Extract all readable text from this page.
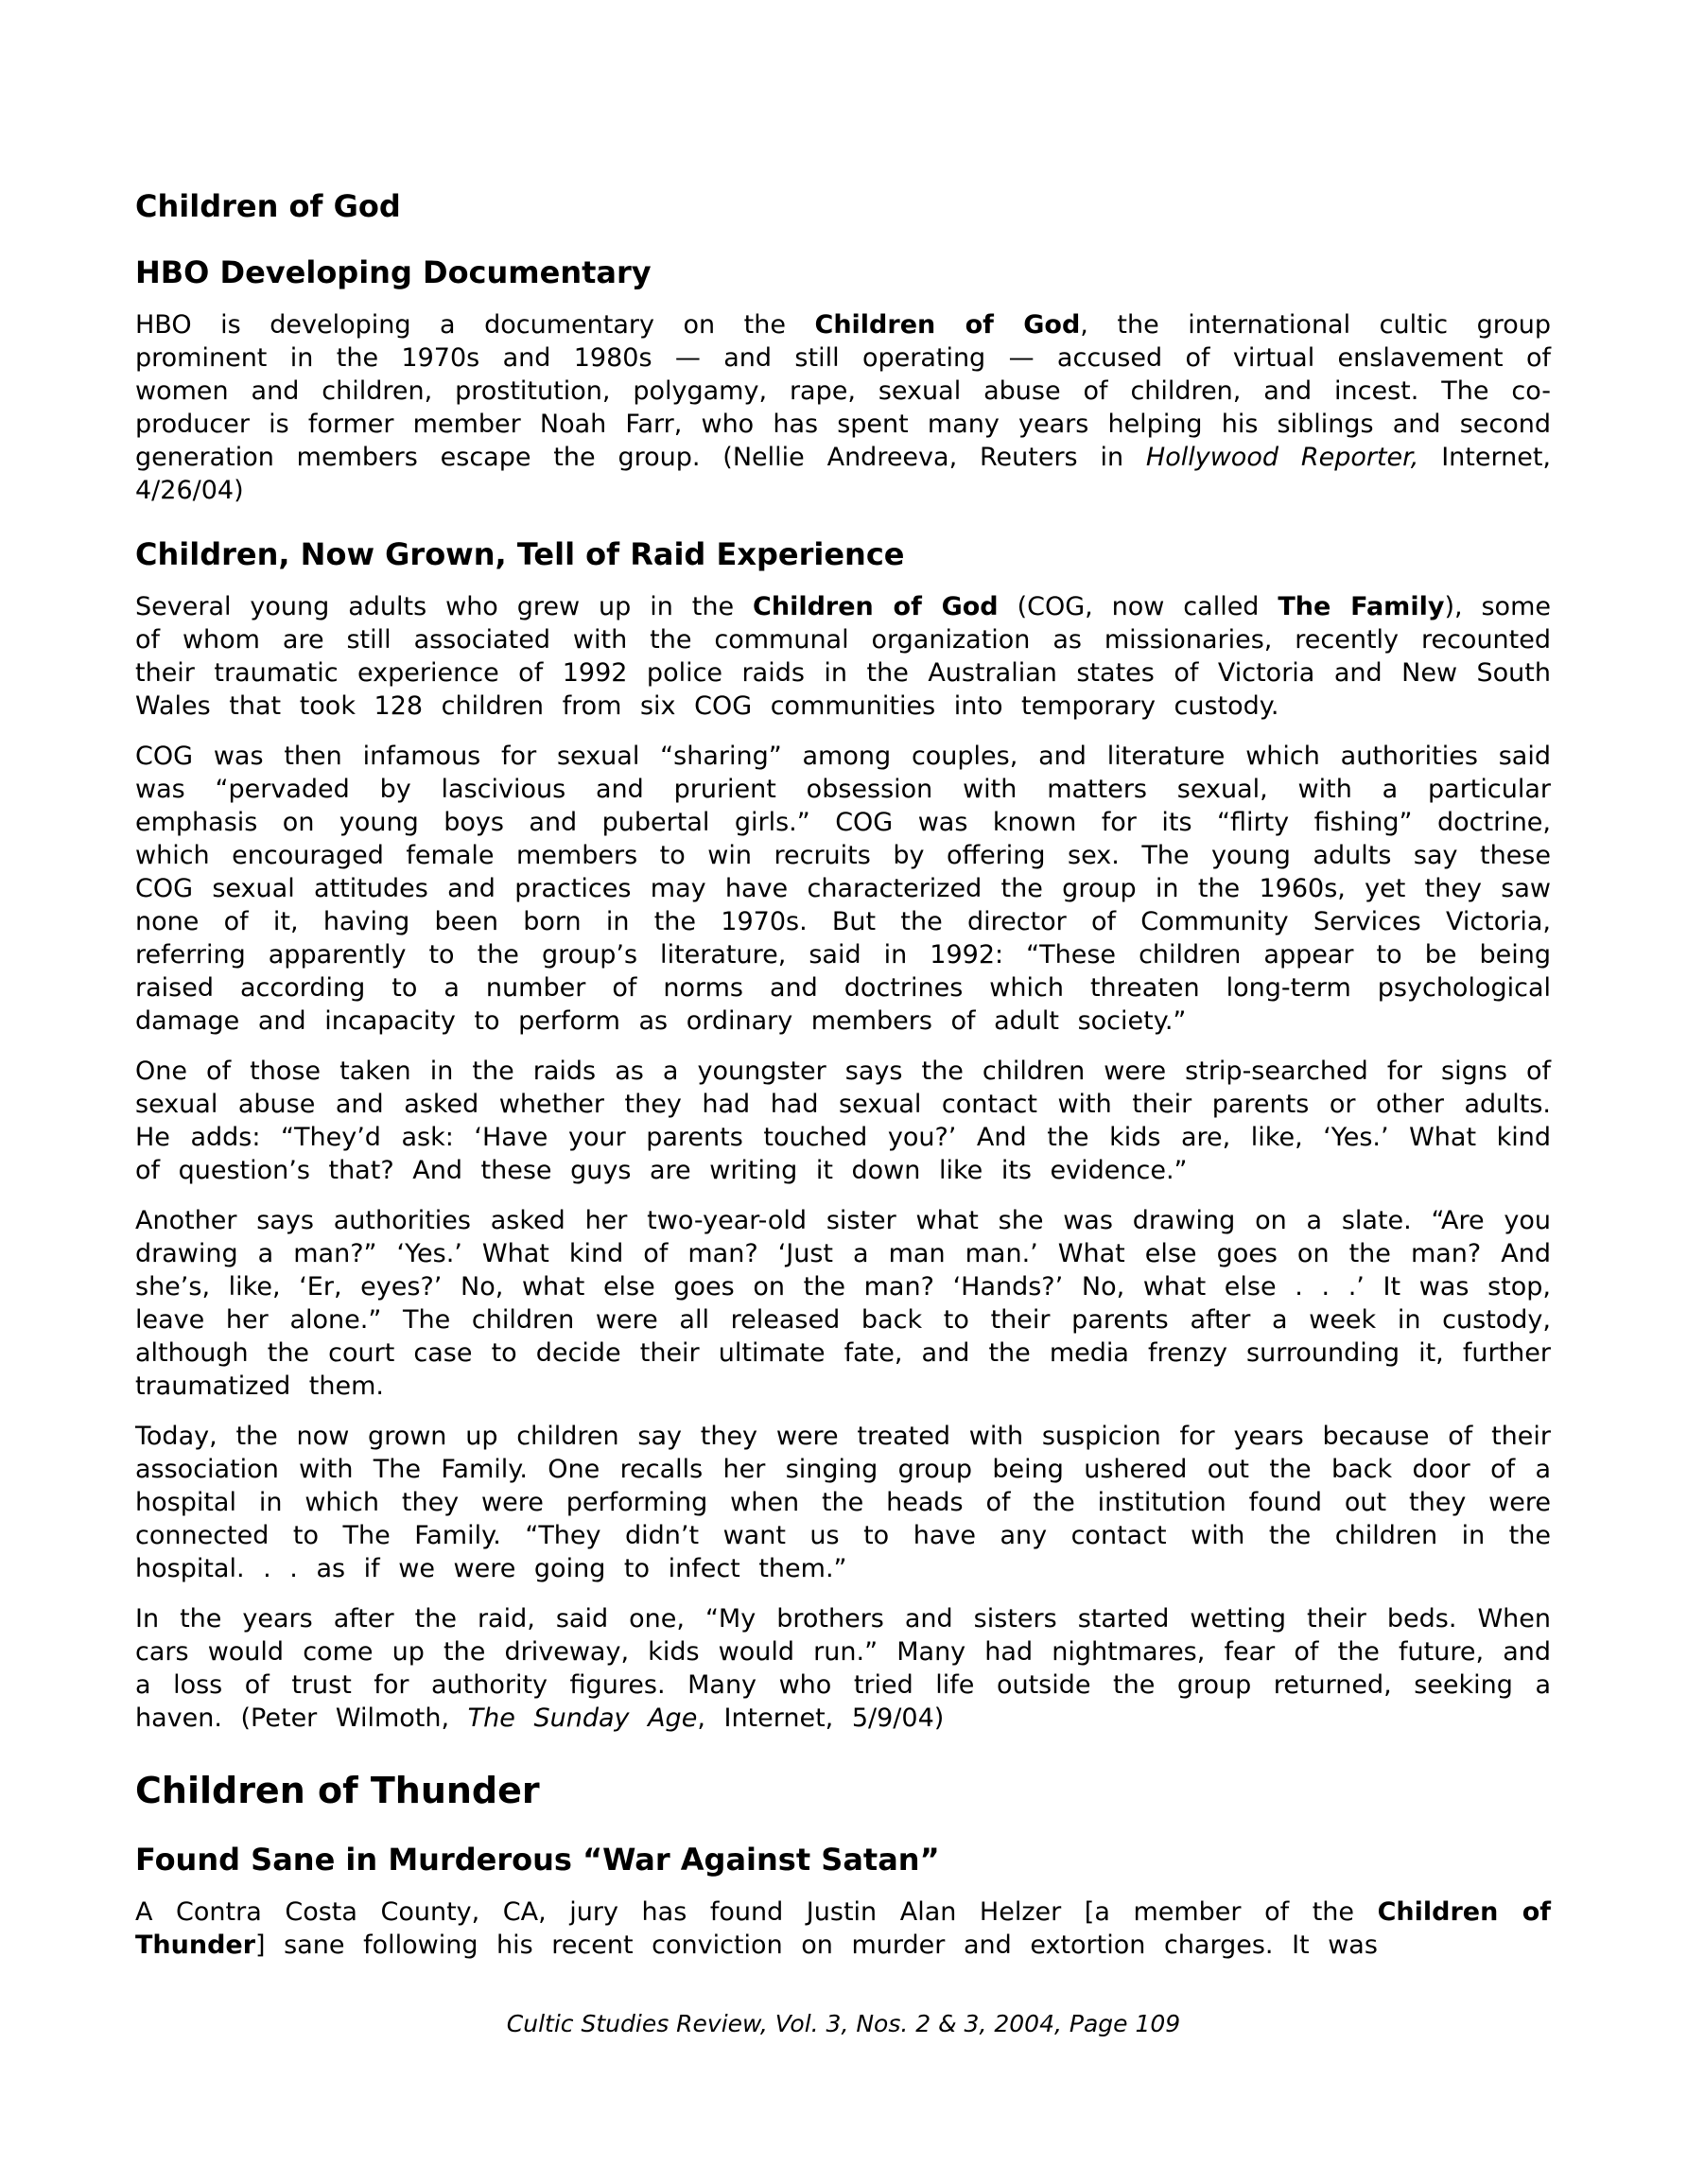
Children of God
HBO Developing Documentary

HBO is developing a documentary on the Children of God, the international cultic group prominent in the 1970s and 1980s — and still operating — accused of virtual enslavement of women and children, prostitution, polygamy, rape, sexual abuse of children, and incest. The co-producer is former member Noah Farr, who has spent many years helping his siblings and second generation members escape the group. (Nellie Andreeva, Reuters in Hollywood Reporter, Internet, 4/26/04)

Children, Now Grown, Tell of Raid Experience

Several young adults who grew up in the Children of God (COG, now called The Family), some of whom are still associated with the communal organization as missionaries, recently recounted their traumatic experience of 1992 police raids in the Australian states of Victoria and New South Wales that took 128 children from six COG communities into temporary custody.

COG was then infamous for sexual “sharing” among couples, and literature which authorities said was “pervaded by lascivious and prurient obsession with matters sexual, with a particular emphasis on young boys and pubertal girls.” COG was known for its “flirty fishing” doctrine, which encouraged female members to win recruits by offering sex. The young adults say these COG sexual attitudes and practices may have characterized the group in the 1960s, yet they saw none of it, having been born in the 1970s. But the director of Community Services Victoria, referring apparently to the group’s literature, said in 1992: “These children appear to be being raised according to a number of norms and doctrines which threaten long-term psychological damage and incapacity to perform as ordinary members of adult society.”

One of those taken in the raids as a youngster says the children were strip-searched for signs of sexual abuse and asked whether they had had sexual contact with their parents or other adults. He adds: “They’d ask: ‘Have your parents touched you?’ And the kids are, like, ‘Yes.’ What kind of question’s that? And these guys are writing it down like its evidence.”

Another says authorities asked her two-year-old sister what she was drawing on a slate. “Are you drawing a man?” ‘Yes.’ What kind of man? ‘Just a man man.’ What else goes on the man? And she’s, like, ‘Er, eyes?’ No, what else goes on the man? ‘Hands?’ No, what else . . .’ It was stop, leave her alone.” The children were all released back to their parents after a week in custody, although the court case to decide their ultimate fate, and the media frenzy surrounding it, further traumatized them.

Today, the now grown up children say they were treated with suspicion for years because of their association with The Family. One recalls her singing group being ushered out the back door of a hospital in which they were performing when the heads of the institution found out they were connected to The Family. “They didn’t want us to have any contact with the children in the hospital. . . as if we were going to infect them.”

In the years after the raid, said one, “My brothers and sisters started wetting their beds. When cars would come up the driveway, kids would run.” Many had nightmares, fear of the future, and a loss of trust for authority figures. Many who tried life outside the group returned, seeking a haven. (Peter Wilmoth, The Sunday Age, Internet, 5/9/04)

Children of Thunder
Found Sane in Murderous “War Against Satan”

A Contra Costa County, CA, jury has found Justin Alan Helzer [a member of the Children of Thunder] sane following his recent conviction on murder and extortion charges. It was

Cultic Studies Review, Vol. 3, Nos. 2 & 3, 2004, Page 109
